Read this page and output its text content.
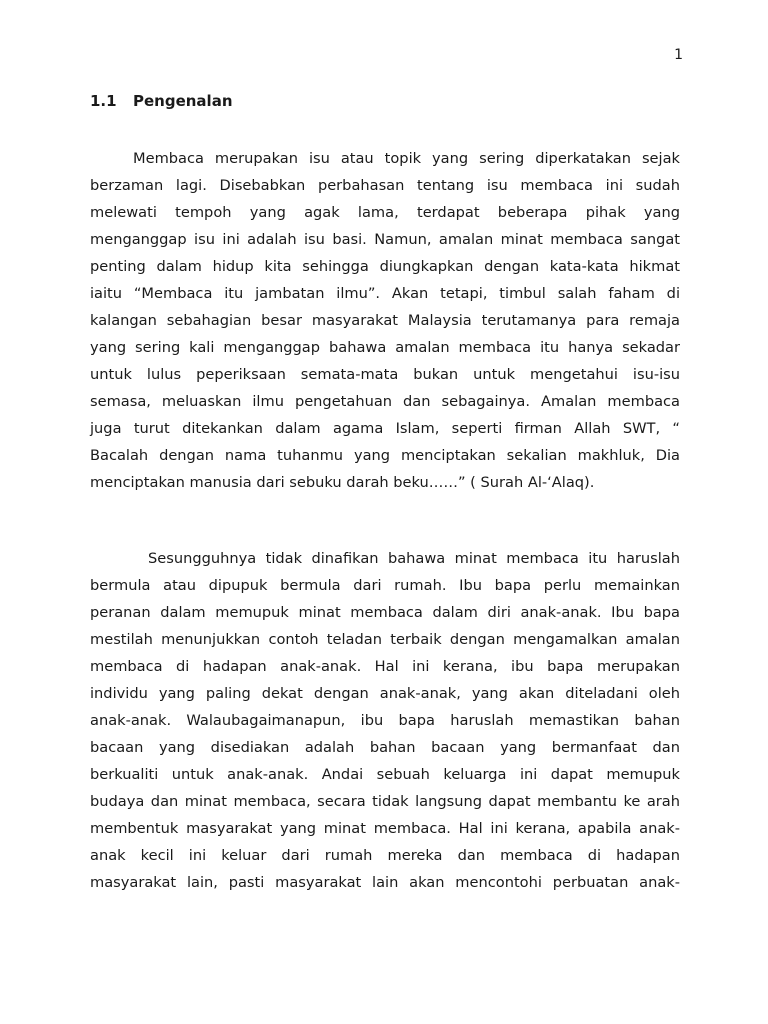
1
1.1 Pengenalan
Membaca merupakan isu atau topik yang sering diperkatakan sejak
berzaman lagi. Disebabkan perbahasan tentang isu membaca ini sudah
melewati tempoh yang agak lama, terdapat beberapa pihak yang
menganggap isu ini adalah isu basi. Namun, amalan minat membaca sangat
penting dalam hidup kita sehingga diungkapkan dengan kata-kata hikmat
iaitu “Membaca itu jambatan ilmu”. Akan tetapi, timbul salah faham di
kalangan sebahagian besar masyarakat Malaysia terutamanya para remaja
yang sering kali menganggap bahawa amalan membaca itu hanya sekadar
untuk lulus peperiksaan semata-mata bukan untuk mengetahui isu-isu
semasa, meluaskan ilmu pengetahuan dan sebagainya. Amalan membaca
juga turut ditekankan dalam agama Islam, seperti firman Allah SWT, “
Bacalah dengan nama tuhanmu yang menciptakan sekalian makhluk, Dia
menciptakan manusia dari sebuku darah beku……” ( Surah Al-‘Alaq).
Sesungguhnya tidak dinafikan bahawa minat membaca itu haruslah
bermula atau dipupuk bermula dari rumah. Ibu bapa perlu memainkan
peranan dalam memupuk minat membaca dalam diri anak-anak. Ibu bapa
mestilah menunjukkan contoh teladan terbaik dengan mengamalkan amalan
membaca di hadapan anak-anak. Hal ini kerana, ibu bapa merupakan
individu yang paling dekat dengan anak-anak, yang akan diteladani oleh
anak-anak. Walaubagaimanapun, ibu bapa haruslah memastikan bahan
bacaan yang disediakan adalah bahan bacaan yang bermanfaat dan
berkualiti untuk anak-anak. Andai sebuah keluarga ini dapat memupuk
budaya dan minat membaca, secara tidak langsung dapat membantu ke arah
membentuk masyarakat yang minat membaca. Hal ini kerana, apabila anak-
anak kecil ini keluar dari rumah mereka dan membaca di hadapan
masyarakat lain, pasti masyarakat lain akan mencontohi perbuatan anak-
